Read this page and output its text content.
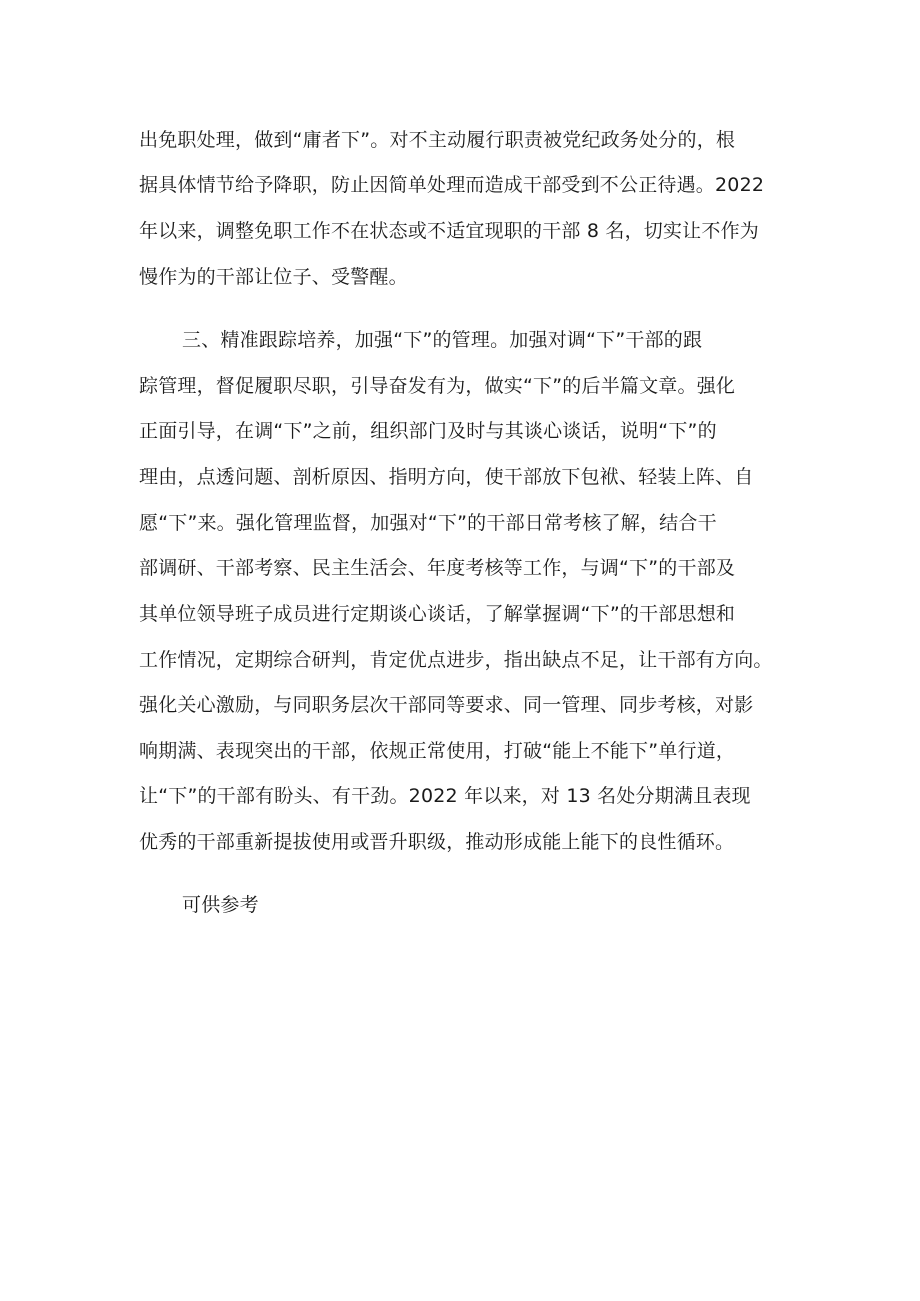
出免职处理，做到“庸者下”。对不主动履行职责被党纪政务处分的，根
据具体情节给予降职，防止因简单处理而造成干部受到不公正待遇。2022
年以来，调整免职工作不在状态或不适宜现职的干部 8 名，切实让不作为
慢作为的干部让位子、受警醒。
三、精准跟踪培养，加强“下”的管理。加强对调“下”干部的跟
踪管理，督促履职尽职，引导奋发有为，做实“下”的后半篇文章。强化
正面引导，在调“下”之前，组织部门及时与其谈心谈话，说明“下”的
理由，点透问题、剖析原因、指明方向，使干部放下包袱、轻装上阵、自
愿“下”来。强化管理监督，加强对“下”的干部日常考核了解，结合干
部调研、干部考察、民主生活会、年度考核等工作，与调“下”的干部及
其单位领导班子成员进行定期谈心谈话，了解掌握调“下”的干部思想和
工作情况，定期综合研判，肯定优点进步，指出缺点不足，让干部有方向。
强化关心激励，与同职务层次干部同等要求、同一管理、同步考核，对影
响期满、表现突出的干部，依规正常使用，打破“能上不能下”单行道，
让“下”的干部有盼头、有干劲。2022 年以来，对 13 名处分期满且表现
优秀的干部重新提拔使用或晋升职级，推动形成能上能下的良性循环。
可供参考
